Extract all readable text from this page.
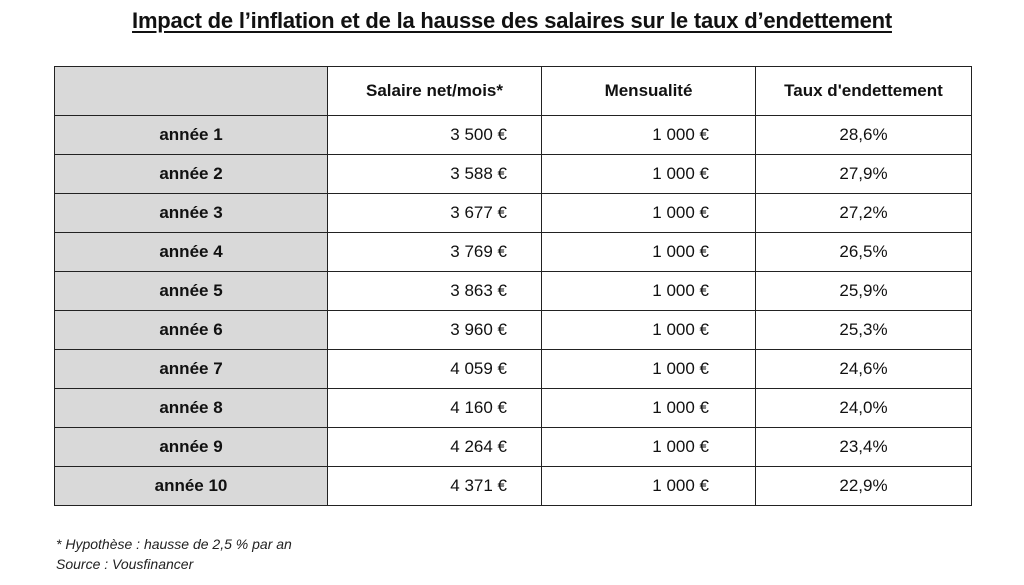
Impact de l’inflation et de la hausse des salaires sur le taux d’endettement
	Salaire net/mois*	Mensualité	Taux d'endettement
année 1	3 500 €	1 000 €	28,6%
année 2	3 588 €	1 000 €	27,9%
année 3	3 677 €	1 000 €	27,2%
année 4	3 769 €	1 000 €	26,5%
année 5	3 863 €	1 000 €	25,9%
année 6	3 960 €	1 000 €	25,3%
année 7	4 059 €	1 000 €	24,6%
année 8	4 160 €	1 000 €	24,0%
année 9	4 264 €	1 000 €	23,4%
année 10	4 371 €	1 000 €	22,9%
* Hypothèse : hausse de 2,5 % par an
Source : Vousfinancer
